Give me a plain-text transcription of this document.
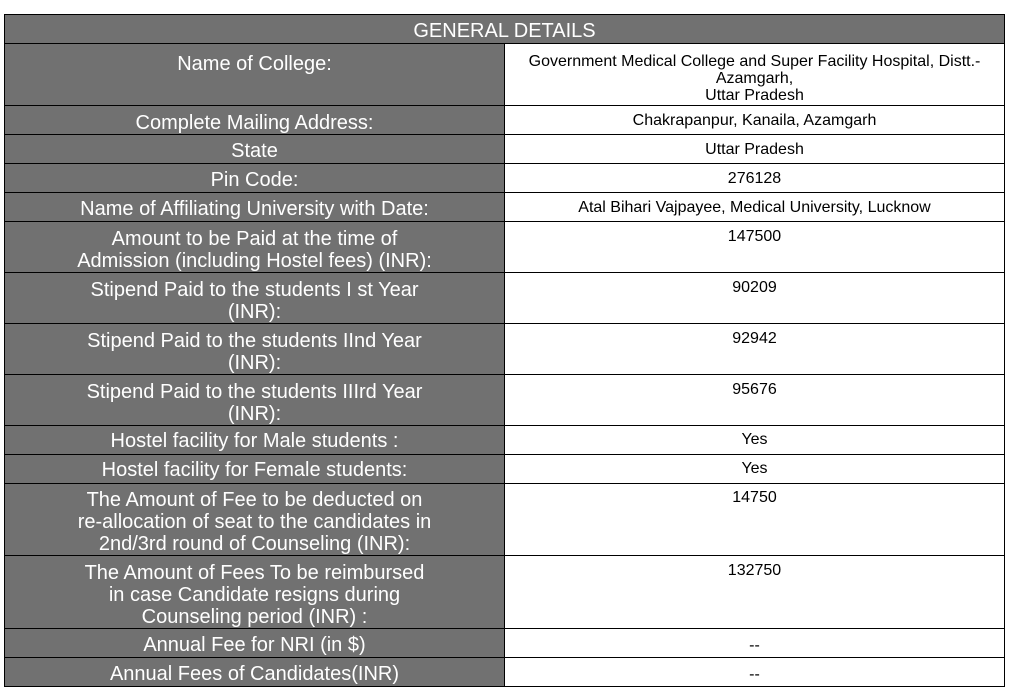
GENERAL DETAILS	

Name of College:	Government Medical College and Super Facility Hospital, Distt.-
Azamgarh,
Uttar Pradesh

Complete Mailing Address:	Chakrapanpur, Kanaila, Azamgarh

State	Uttar Pradesh

Pin Code:	276128

Name of Affiliating University with Date:	Atal Bihari Vajpayee, Medical University, Lucknow

Amount to be Paid at the time of
Admission (including Hostel fees) (INR):	147500

Stipend Paid to the students I st Year
(INR):	90209

Stipend Paid to the students IInd Year
(INR):	92942

Stipend Paid to the students IIIrd Year
(INR):	95676

Hostel facility for Male students :	Yes

Hostel facility for Female students:	Yes

The Amount of Fee to be deducted on
re-allocation of seat to the candidates in
2nd/3rd round of Counseling (INR):	14750

The Amount of Fees To be reimbursed
in case Candidate resigns during
Counseling period (INR) :	132750

Annual Fee for NRI (in $)	--

Annual Fees of Candidates(INR)	--
